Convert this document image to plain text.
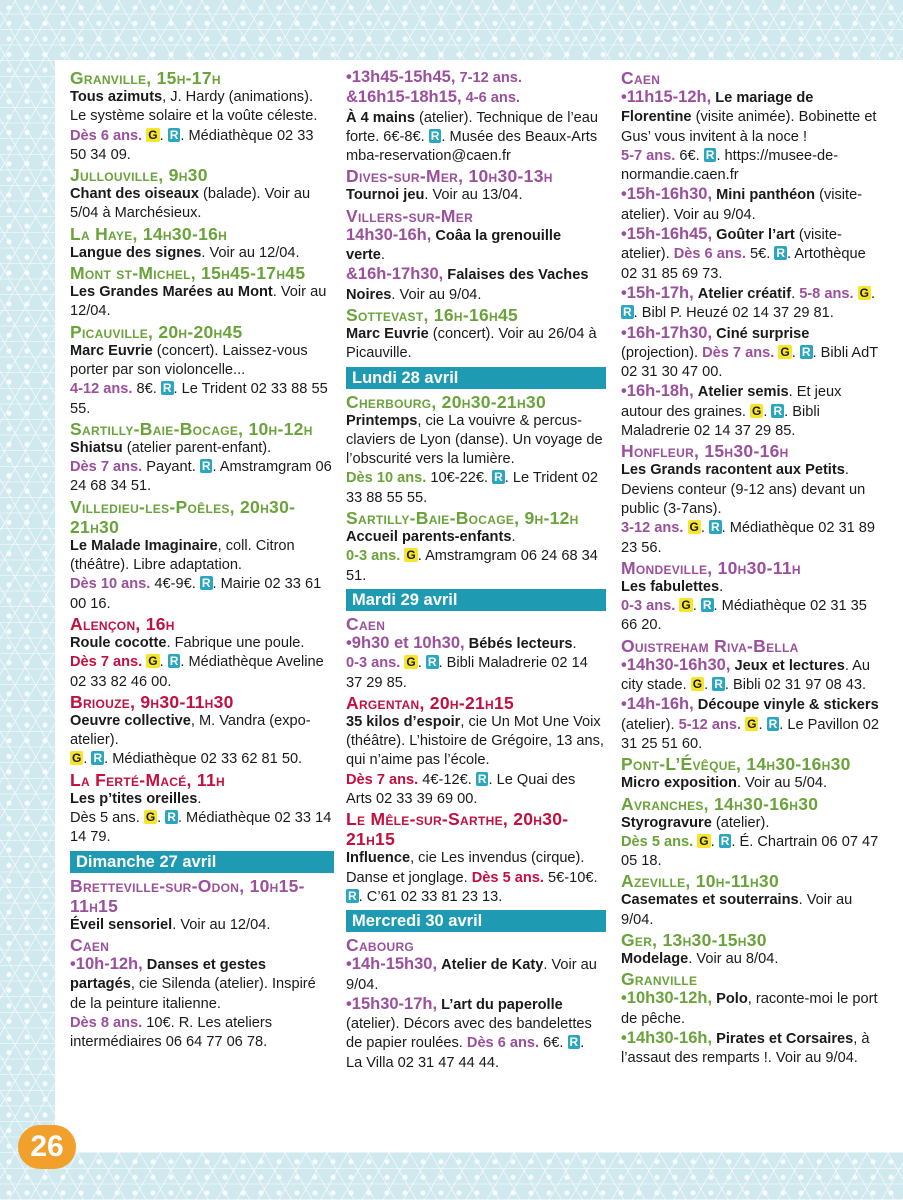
Granville, 15h-17h
Tous azimuts, J. Hardy (animations). Le système solaire et la voûte céleste.
Dès 6 ans. G . R . Médiathèque 02 33 50 34 09.
Jullouville, 9h30
Chant des oiseaux (balade). Voir au 5/04 à Marchésieux.
La Haye, 14h30-16h
Langue des signes. Voir au 12/04.
Mont st-Michel, 15h45-17h45
Les Grandes Marées au Mont. Voir au 12/04.
Picauville, 20h-20h45
Marc Euvrie (concert). Laissez-vous porter par son violoncelle...
4-12 ans. 8€. R . Le Trident 02 33 88 55 55.
Sartilly-Baie-Bocage, 10h-12h
Shiatsu (atelier parent-enfant).
Dès 7 ans. Payant. R . Amstramgram 06 24 68 34 51.
Villedieu-les-Poêles, 20h30-21h30
Le Malade Imaginaire, coll. Citron (théâtre). Libre adaptation.
Dès 10 ans. 4€-9€. R . Mairie 02 33 61 00 16.
Alençon, 16h
Roule cocotte. Fabrique une poule.
Dès 7 ans. G . R . Médiathèque Aveline 02 33 82 46 00.
Briouze, 9h30-11h30
Oeuvre collective, M. Vandra (expo-atelier).
G . R . Médiathèque 02 33 62 81 50.
La Ferté-Macé, 11h
Les p’tites oreilles.
Dès 5 ans. G . R . Médiathèque 02 33 14 14 79.
Dimanche 27 avril
Bretteville-sur-Odon, 10h15-11h15
Éveil sensoriel. Voir au 12/04.
Caen
•10h-12h, Danses et gestes partagés, cie Silenda (atelier). Inspiré de la peinture italienne.
Dès 8 ans. 10€. R. Les ateliers intermédiaires 06 64 77 06 78.
•13h45-15h45, 7-12 ans.
&16h15-18h15, 4-6 ans.
À 4 mains (atelier). Technique de l’eau forte. 6€-8€. R . Musée des Beaux-Arts mba-reservation@caen.fr
Dives-sur-Mer, 10h30-13h
Tournoi jeu. Voir au 13/04.
Villers-sur-Mer
14h30-16h, Coâa la grenouille verte.
&16h-17h30, Falaises des Vaches Noires. Voir au 9/04.
Sottevast, 16h-16h45
Marc Euvrie (concert). Voir au 26/04 à Picauville.
Lundi 28 avril
Cherbourg, 20h30-21h30
Printemps, cie La vouivre & percus-claviers de Lyon (danse). Un voyage de l’obscurité vers la lumière.
Dès 10 ans. 10€-22€. R . Le Trident 02 33 88 55 55.
Sartilly-Baie-Bocage, 9h-12h
Accueil parents-enfants.
0-3 ans. G . Amstramgram 06 24 68 34 51.
Mardi 29 avril
Caen
•9h30 et 10h30, Bébés lecteurs.
0-3 ans. G . R . Bibli Maladrerie 02 14 37 29 85.
Argentan, 20h-21h15
35 kilos d’espoir, cie Un Mot Une Voix (théâtre). L’histoire de Grégoire, 13 ans, qui n’aime pas l’école.
Dès 7 ans. 4€-12€. R . Le Quai des Arts 02 33 39 69 00.
Le Mêle-sur-Sarthe, 20h30-21h15
Influence, cie Les invendus (cirque). Danse et jonglage. Dès 5 ans. 5€-10€. R . C’61 02 33 81 23 13.
Mercredi 30 avril
Cabourg
•14h-15h30, Atelier de Katy. Voir au 9/04.
•15h30-17h, L’art du paperolle (atelier). Décors avec des bandelettes de papier roulées. Dès 6 ans. 6€. R . La Villa 02 31 47 44 44.
Caen
•11h15-12h, Le mariage de Florentine (visite animée). Bobinette et Gus’ vous invitent à la noce !
5-7 ans. 6€. R . https://musee-de-normandie.caen.fr
•15h-16h30, Mini panthéon (visite-atelier). Voir au 9/04.
•15h-16h45, Goûter l’art (visite-atelier). Dès 6 ans. 5€. R . Artothèque 02 31 85 69 73.
•15h-17h, Atelier créatif. 5-8 ans. G . R . Bibl P. Heuzé 02 14 37 29 81.
•16h-17h30, Ciné surprise (projection). Dès 7 ans. G . R . Bibli AdT 02 31 30 47 00.
•16h-18h, Atelier semis. Et jeux autour des graines. G . R . Bibli Maladrerie 02 14 37 29 85.
Honfleur, 15h30-16h
Les Grands racontent aux Petits. Deviens conteur (9-12 ans) devant un public (3-7ans).
3-12 ans. G . R . Médiathèque 02 31 89 23 56.
Mondeville, 10h30-11h
Les fabulettes.
0-3 ans. G . R . Médiathèque 02 31 35 66 20.
Ouistreham Riva-Bella
•14h30-16h30, Jeux et lectures. Au city stade. G . R . Bibli 02 31 97 08 43.
•14h-16h, Découpe vinyle & stickers (atelier). 5-12 ans. G . R . Le Pavillon 02 31 25 51 60.
Pont-L’Évêque, 14h30-16h30
Micro exposition. Voir au 5/04.
Avranches, 14h30-16h30
Styrogravure (atelier).
Dès 5 ans. G . R . É. Chartrain 06 07 47 05 18.
Azeville, 10h-11h30
Casemates et souterrains. Voir au 9/04.
Ger, 13h30-15h30
Modelage. Voir au 8/04.
Granville
•10h30-12h, Polo, raconte-moi le port de pêche.
•14h30-16h, Pirates et Corsaires, à l’assaut des remparts !. Voir au 9/04.
26
